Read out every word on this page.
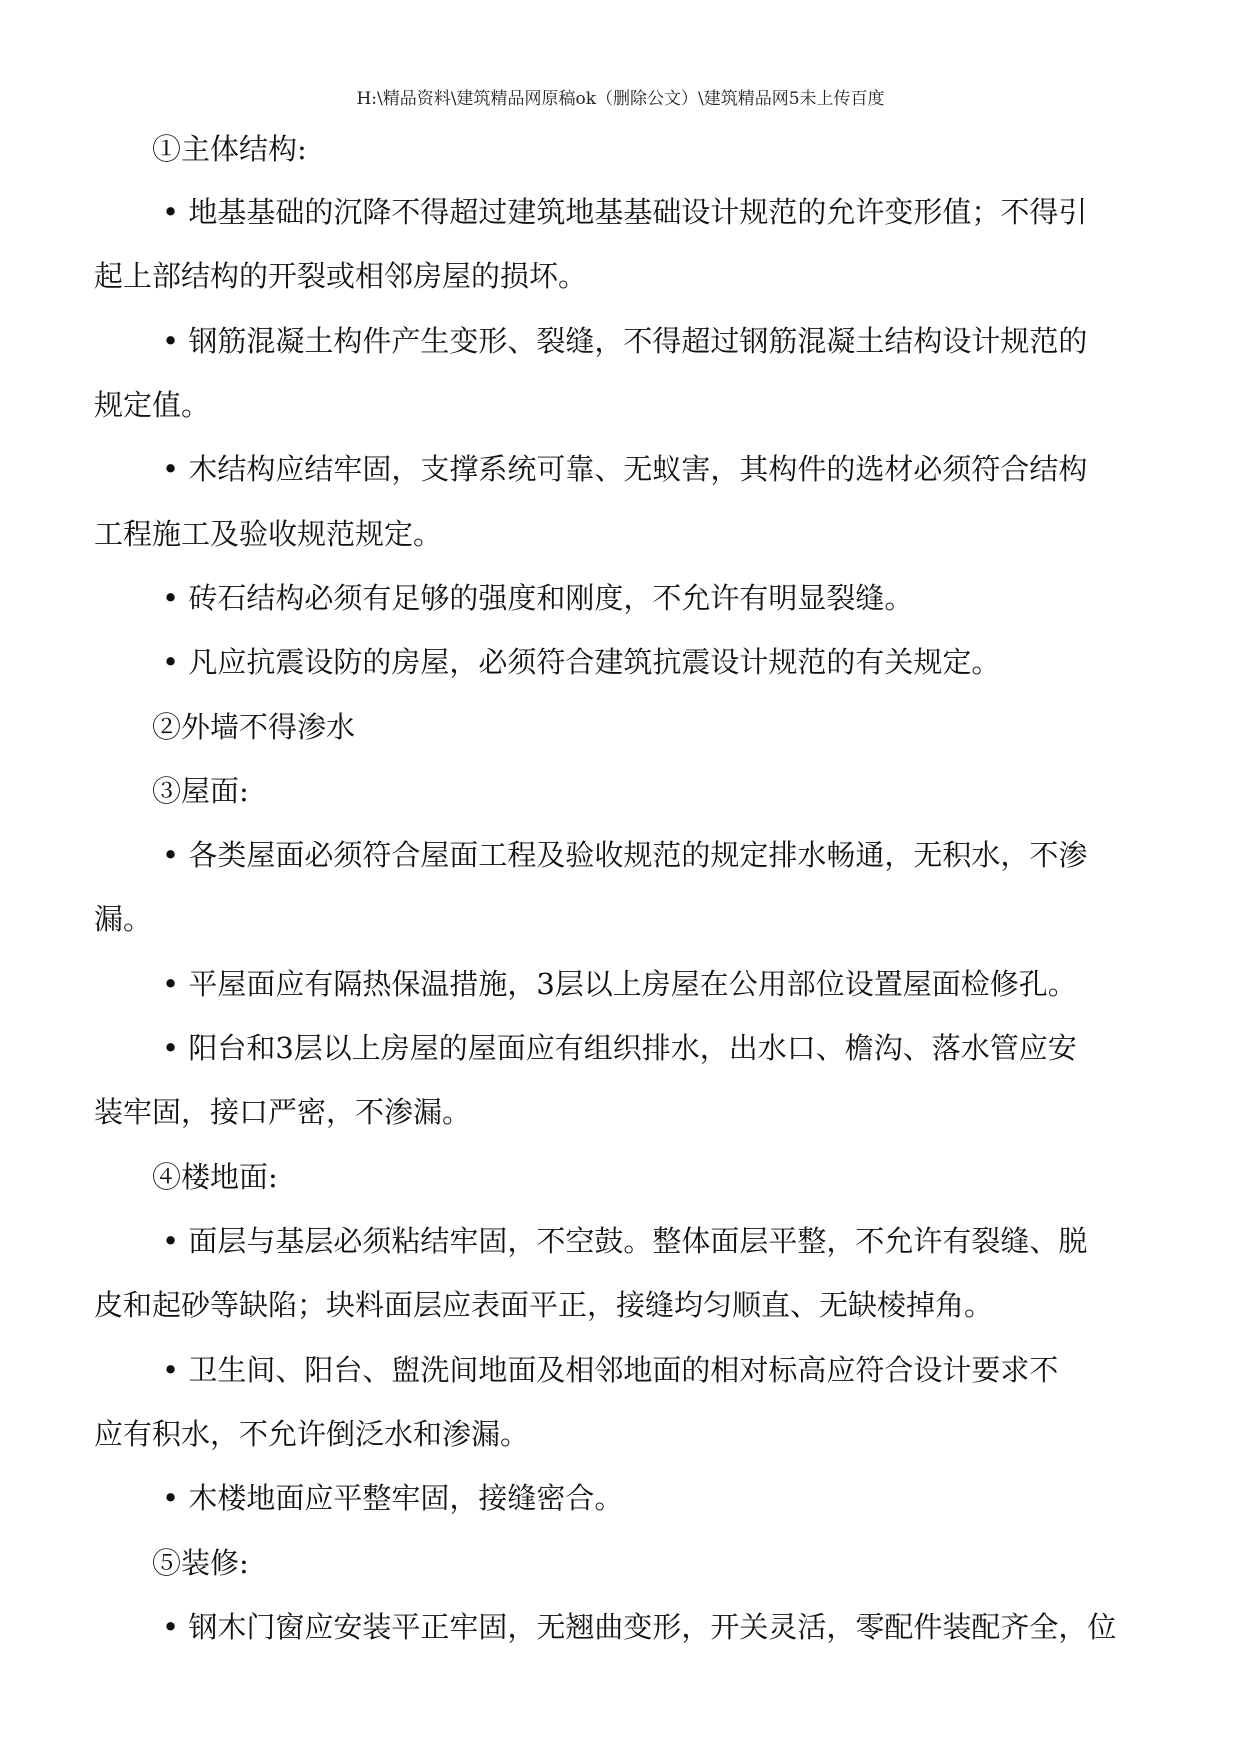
H:\精品资料\建筑精品网原稿ok（删除公文）\建筑精品网5未上传百度
①主体结构:
• 地基基础的沉降不得超过建筑地基基础设计规范的允许变形值；不得引
起上部结构的开裂或相邻房屋的损坏。
• 钢筋混凝土构件产生变形、裂缝，不得超过钢筋混凝土结构设计规范的
规定值。
• 木结构应结牢固，支撑系统可靠、无蚁害，其构件的选材必须符合结构
工程施工及验收规范规定。
• 砖石结构必须有足够的强度和刚度，不允许有明显裂缝。
• 凡应抗震设防的房屋，必须符合建筑抗震设计规范的有关规定。
②外墙不得渗水
③屋面:
• 各类屋面必须符合屋面工程及验收规范的规定排水畅通，无积水，不渗
漏。
• 平屋面应有隔热保温措施，3层以上房屋在公用部位设置屋面检修孔。
• 阳台和3层以上房屋的屋面应有组织排水，出水口、檐沟、落水管应安
装牢固，接口严密，不渗漏。
④楼地面:
• 面层与基层必须粘结牢固，不空鼓。整体面层平整，不允许有裂缝、脱
皮和起砂等缺陷；块料面层应表面平正，接缝均匀顺直、无缺棱掉角。
• 卫生间、阳台、盥洗间地面及相邻地面的相对标高应符合设计要求不
应有积水，不允许倒泛水和渗漏。
• 木楼地面应平整牢固，接缝密合。
⑤装修:
• 钢木门窗应安装平正牢固，无翘曲变形，开关灵活，零配件装配齐全，位
